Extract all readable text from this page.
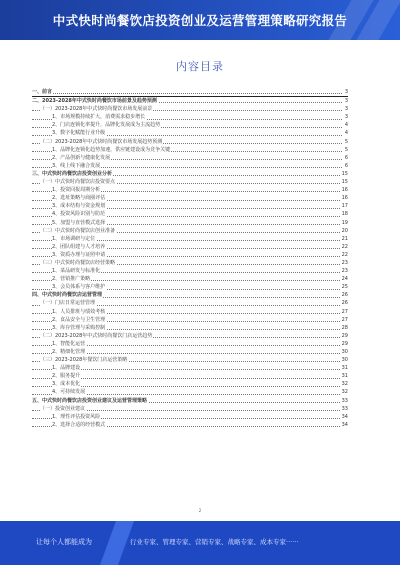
中式快时尚餐饮店投资创业及运营管理策略研究报告
内容目录
一、前言	3
二、2023-2028年中式快时尚餐饮市场前景及趋势预测	3
（一）2023-2028年中式快时尚餐饮市场发展前景	3
1、市场规模持续扩大，消费需求稳步增长	3
2、门店连锁化率提升，品牌化发展成为主流趋势	4
3、数字化赋能行业升级	4
（二）2023-2028年中式快时尚餐饮市场发展趋势预测	5
1、品牌化连锁化趋势加速，供应链建设成为竞争关键	5
2、产品创新与健康化发展	6
3、线上线下融合发展	6
三、中式快时尚餐饮店投资创业分析	15
（一）中式快时尚餐饮店投资要点	15
1、投资回报周期分析	16
2、选址策略与商圈评估	16
3、成本结构与资金规划	17
4、投资风险识别与防范	18
5、加盟与直营模式选择	19
（二）中式快时尚餐饮店创业准备	20
1、市场调研与定位	21
2、团队组建与人才培养	22
3、资质办理与证照申请	22
（三）中式快时尚餐饮店经营策略	23
1、菜品研发与标准化	23
2、营销推广策略	24
3、会员体系与客户维护	25
四、中式快时尚餐饮店运营管理	26
（一）门店日常运营管理	26
1、人员排班与绩效考核	27
2、食品安全与卫生管理	27
3、库存管理与采购控制	28
（二）2023-2028年中式快时尚餐饮门店运营趋势	29
1、智能化运营	29
2、精细化管理	30
（三）2023-2028年餐饮门店运营策略	30
1、品牌建设	31
2、服务提升	31
3、成本优化	32
4、可持续发展	32
五、中式快时尚餐饮店投资创业建议及运营管理策略	33
（一）投资创业建议	33
1、理性评估投资风险	34
2、选择合适的经营模式	34
2
让每个人都能成为	行业专家、管理专家、营销专家、战略专家、成本专家······
